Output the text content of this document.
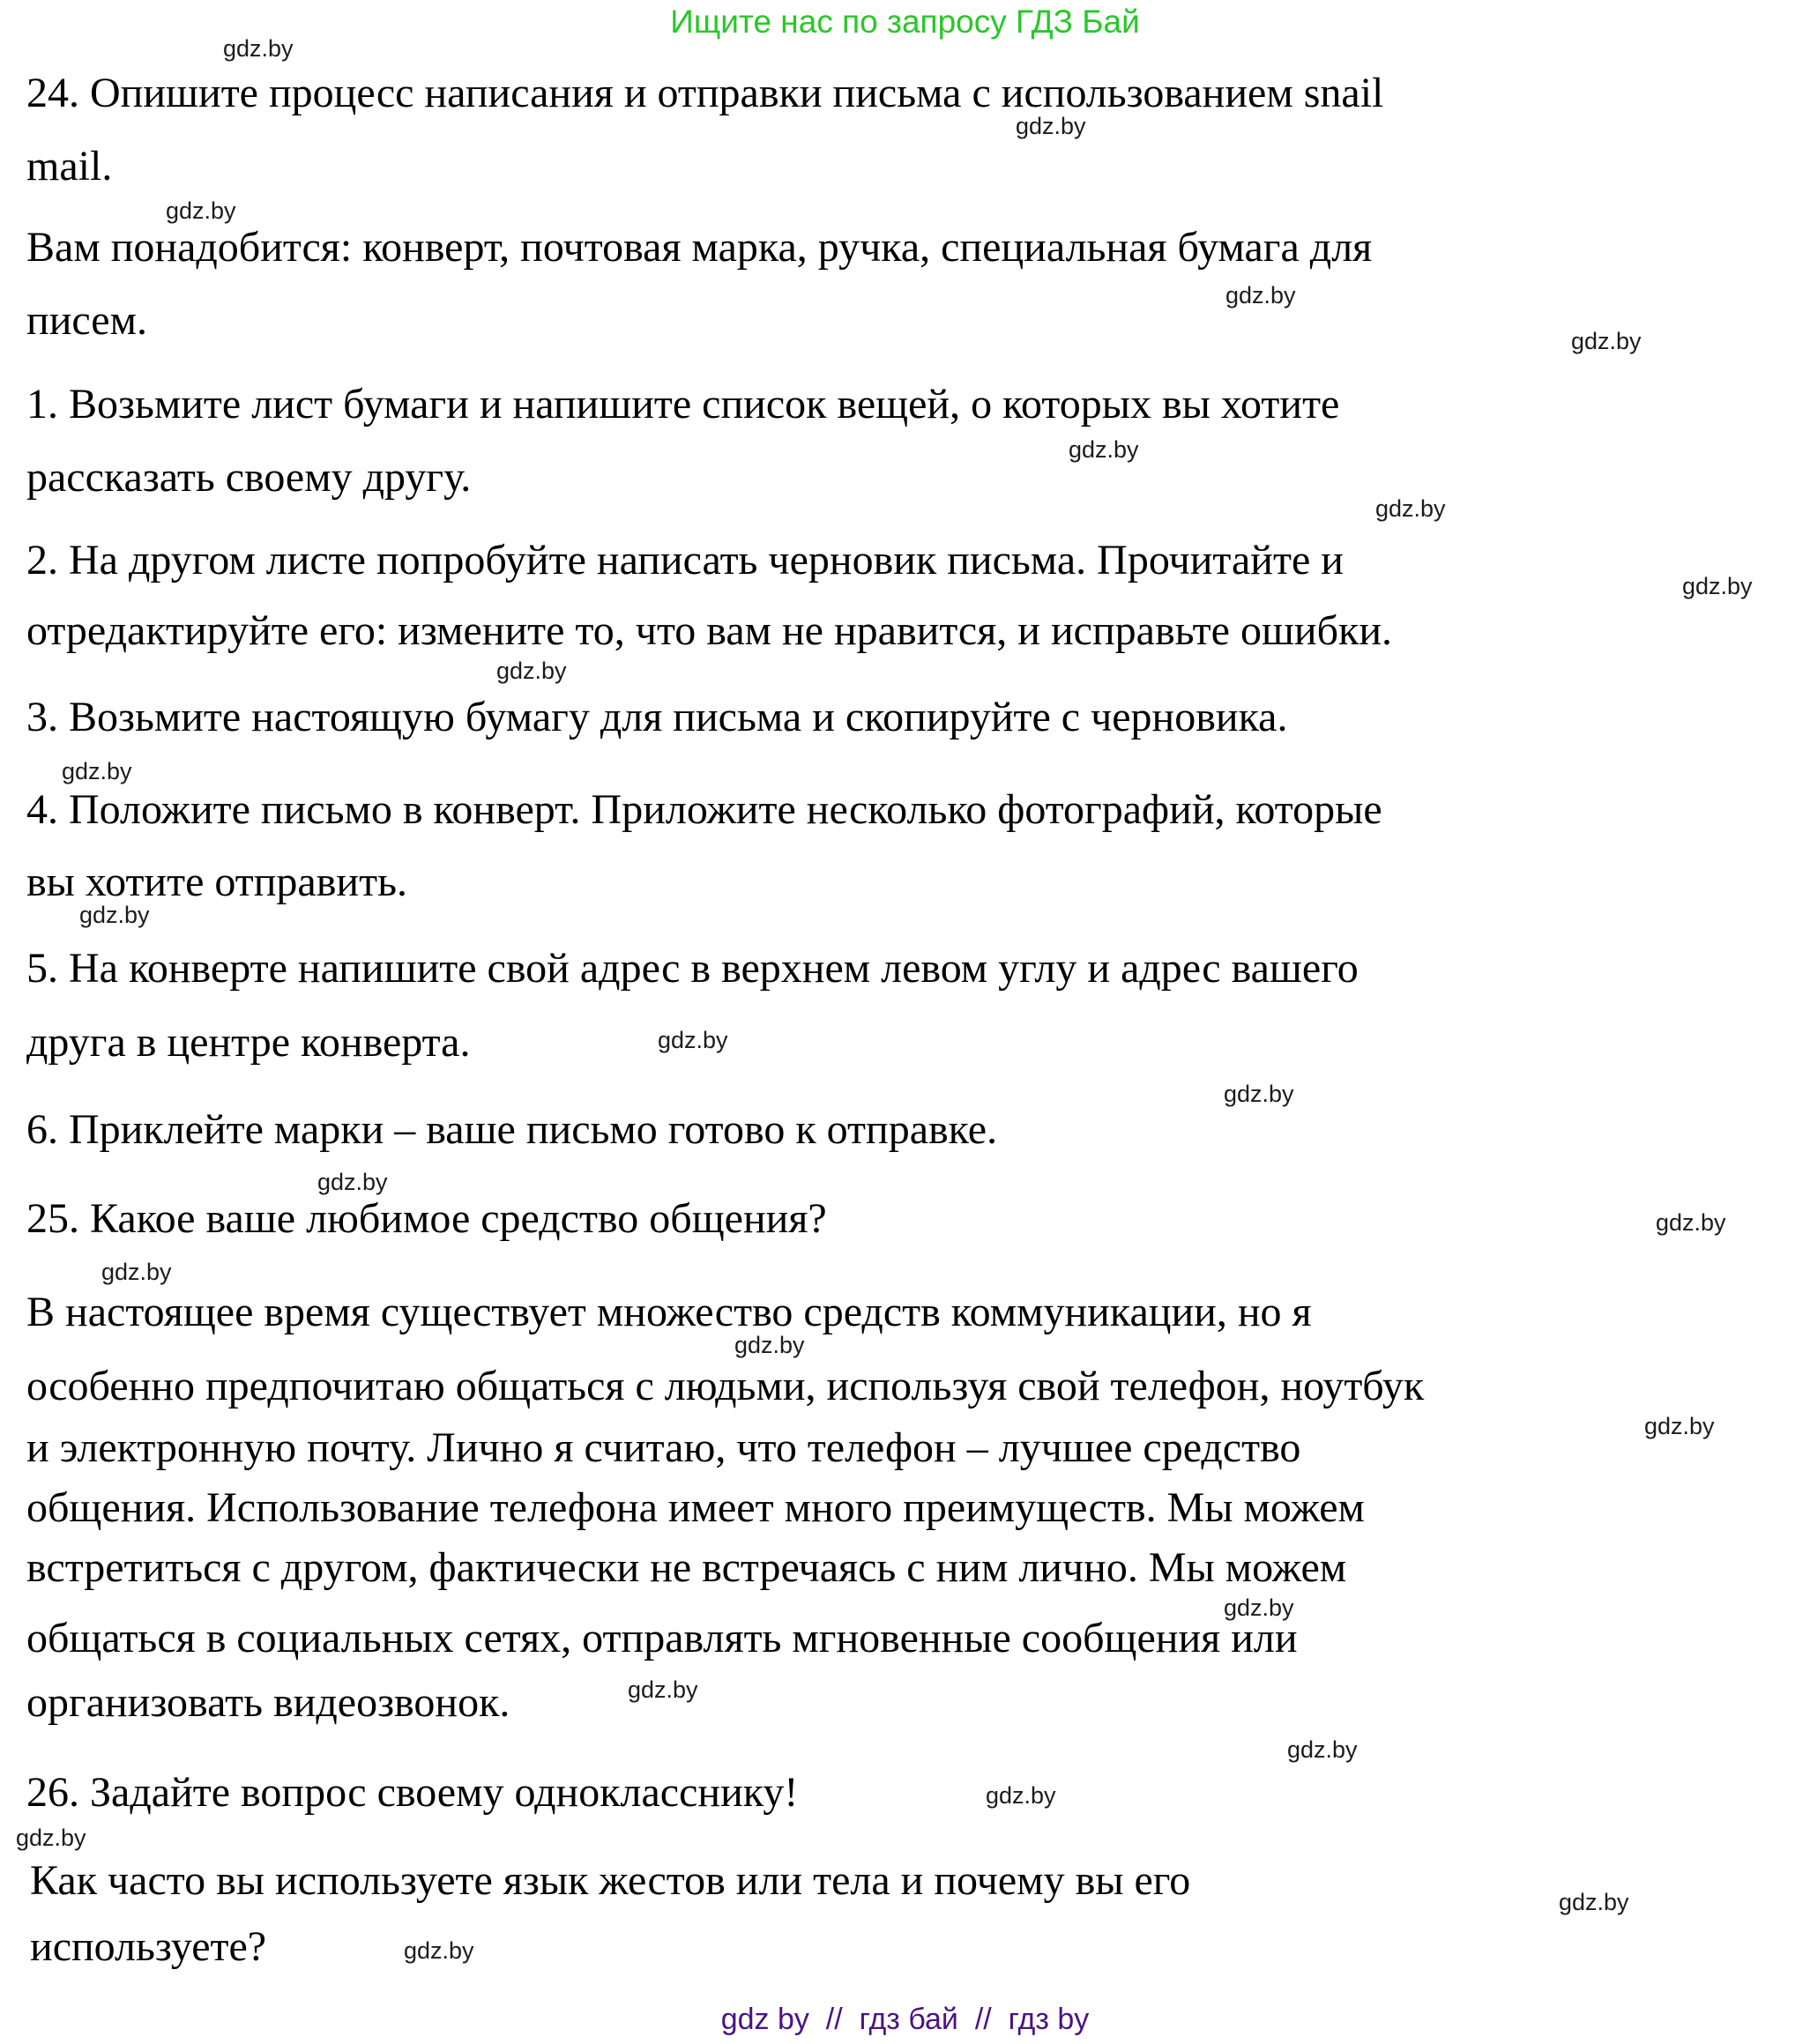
Ищите нас по запросу ГДЗ Бай
24. Опишите процесс написания и отправки письма с использованием snail
mail.
Вам понадобится: конверт, почтовая марка, ручка, специальная бумага для
писем.
1. Возьмите лист бумаги и напишите список вещей, о которых вы хотите
рассказать своему другу.
2. На другом листе попробуйте написать черновик письма. Прочитайте и
отредактируйте его: измените то, что вам не нравится, и исправьте ошибки.
3. Возьмите настоящую бумагу для письма и скопируйте с черновика.
4. Положите письмо в конверт. Приложите несколько фотографий, которые
вы хотите отправить.
5. На конверте напишите свой адрес в верхнем левом углу и адрес вашего
друга в центре конверта.
6. Приклейте марки – ваше письмо готово к отправке.
25. Какое ваше любимое средство общения?
В настоящее время существует множество средств коммуникации, но я
особенно предпочитаю общаться с людьми, используя свой телефон, ноутбук
и электронную почту. Лично я считаю, что телефон – лучшее средство
общения. Использование телефона имеет много преимуществ. Мы можем
встретиться с другом, фактически не встречаясь с ним лично. Мы можем
общаться в социальных сетях, отправлять мгновенные сообщения или
организовать видеозвонок.
26. Задайте вопрос своему однокласснику!
Как часто вы используете язык жестов или тела и почему вы его
используете?
gdz.by
gdz.by
gdz.by
gdz.by
gdz.by
gdz.by
gdz.by
gdz.by
gdz.by
gdz.by
gdz.by
gdz.by
gdz.by
gdz.by
gdz.by
gdz.by
gdz.by
gdz.by
gdz.by
gdz.by
gdz.by
gdz.by
gdz.by
gdz.by
gdz.by
gdz by  //  гдз бай  //  гдз by
